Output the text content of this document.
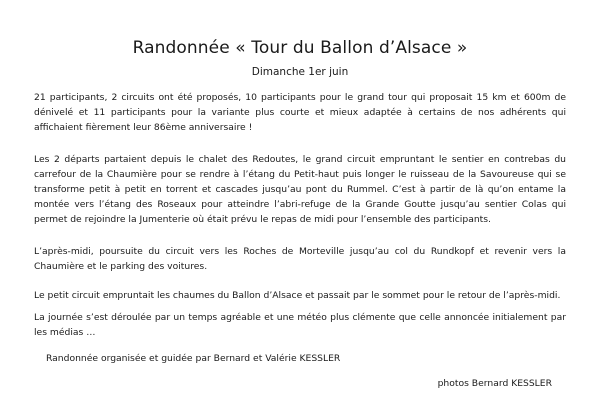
Randonnée « Tour du Ballon d’Alsace »
Dimanche 1er juin

21 participants, 2 circuits ont été proposés, 10 participants pour le grand tour qui proposait 15 km et 600m de dénivelé et 11 participants pour la variante plus courte et mieux adaptée à certains de nos adhérents qui affichaient fièrement leur 86ème anniversaire !

Les 2 départs partaient depuis le chalet des Redoutes, le grand circuit empruntant le sentier en contrebas du carrefour de la Chaumière pour se rendre à l’étang du Petit-haut puis longer le ruisseau de la Savoureuse qui se transforme petit à petit en torrent et cascades jusqu’au pont du Rummel. C’est à partir de là qu’on entame la montée vers l’étang des Roseaux pour atteindre l’abri-refuge de la Grande Goutte jusqu’au sentier Colas qui permet de rejoindre la Jumenterie où était prévu le repas de midi pour l’ensemble des participants.

L’après-midi, poursuite du circuit vers les Roches de Morteville jusqu’au col du Rundkopf et revenir vers la Chaumière et le parking des voitures.

Le petit circuit empruntait les chaumes du Ballon d’Alsace et passait par le sommet pour le retour de l’après-midi.

La journée s’est déroulée par un temps agréable et une météo plus clémente que celle annoncée initialement par les médias …

Randonnée organisée et guidée par Bernard et Valérie KESSLER
photos Bernard KESSLER
